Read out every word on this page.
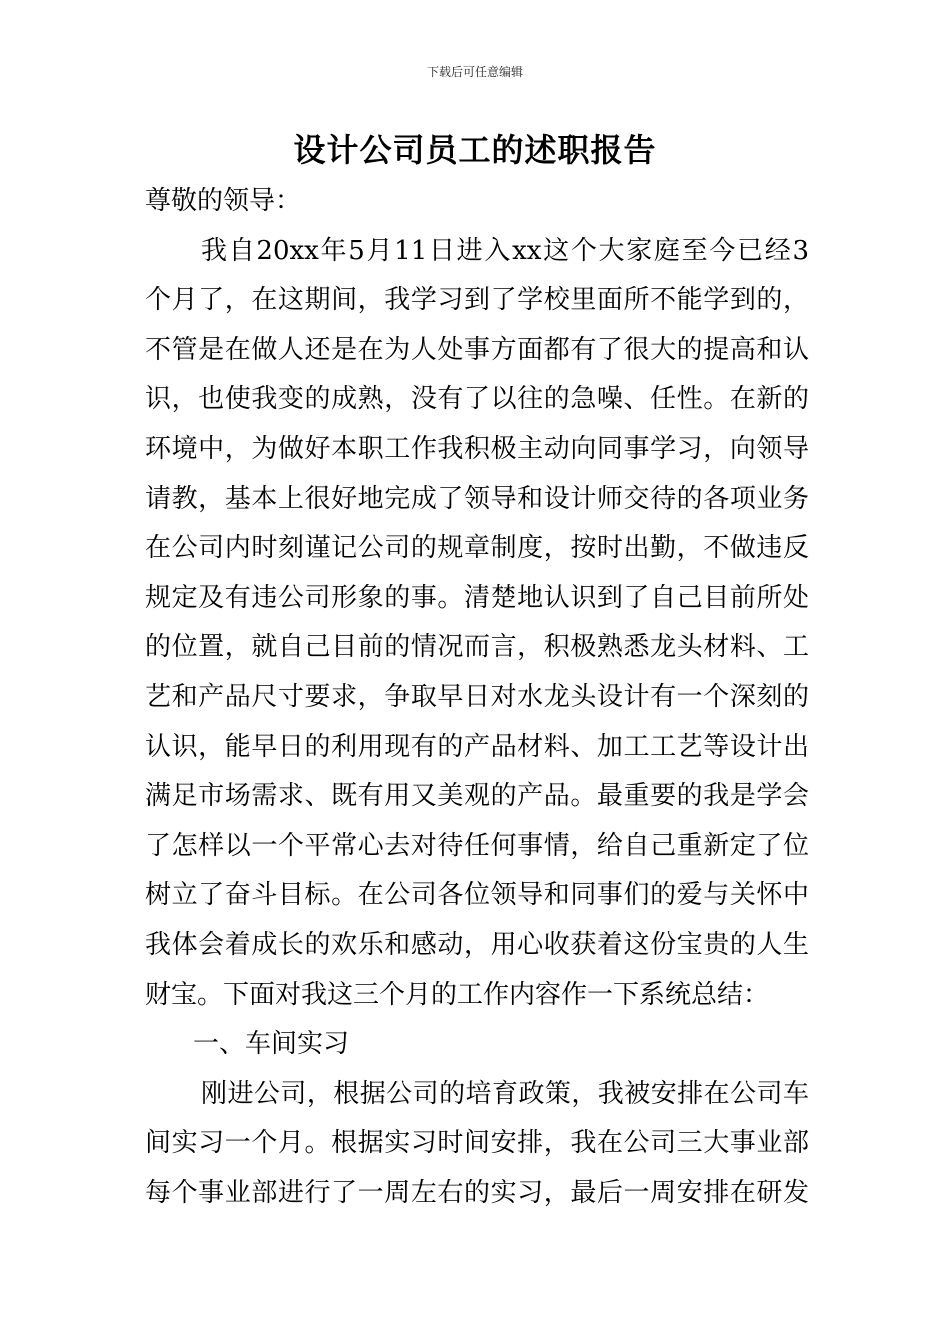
下载后可任意编辑
设计公司员工的述职报告
尊敬的领导：
我自20xx年5月11日进入xx这个大家庭至今已经3
个月了，在这期间，我学习到了学校里面所不能学到的，
不管是在做人还是在为人处事方面都有了很大的提高和认
识，也使我变的成熟，没有了以往的急噪、任性。在新的
环境中，为做好本职工作我积极主动向同事学习，向领导
请教，基本上很好地完成了领导和设计师交待的各项业务
在公司内时刻谨记公司的规章制度，按时出勤，不做违反
规定及有违公司形象的事。清楚地认识到了自己目前所处
的位置，就自己目前的情况而言，积极熟悉龙头材料、工
艺和产品尺寸要求，争取早日对水龙头设计有一个深刻的
认识，能早日的利用现有的产品材料、加工工艺等设计出
满足市场需求、既有用又美观的产品。最重要的我是学会
了怎样以一个平常心去对待任何事情，给自己重新定了位
树立了奋斗目标。在公司各位领导和同事们的爱与关怀中
我体会着成长的欢乐和感动，用心收获着这份宝贵的人生
财宝。下面对我这三个月的工作内容作一下系统总结：
一、车间实习
刚进公司，根据公司的培育政策，我被安排在公司车
间实习一个月。根据实习时间安排，我在公司三大事业部
每个事业部进行了一周左右的实习，最后一周安排在研发
